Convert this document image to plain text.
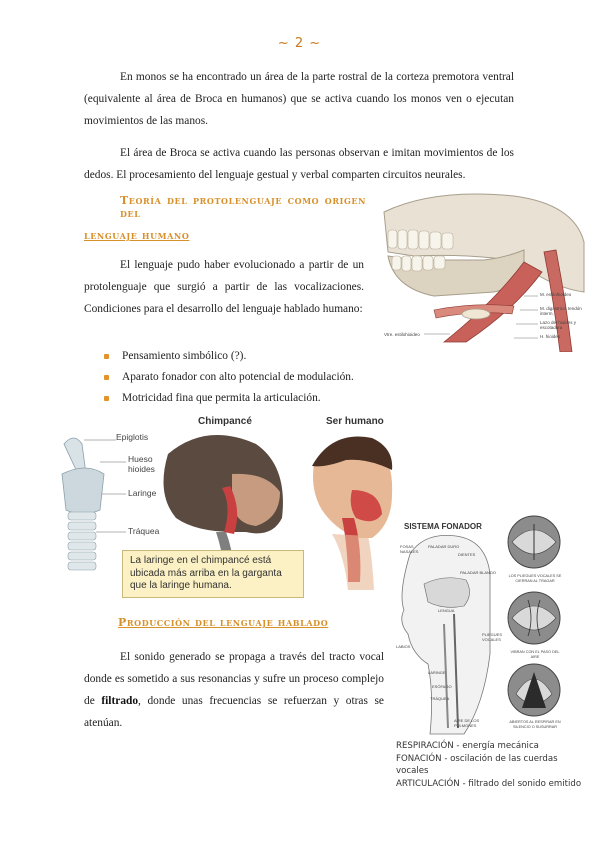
~ 2 ~

En monos se ha encontrado un área de la parte rostral de la corteza premotora ventral (equivalente al área de Broca en humanos) que se activa cuando los monos ven o ejecutan movimientos de las manos.

El área de Broca se activa cuando las personas observan e imitan movimientos de los dedos. El procesamiento del lenguaje gestual y verbal comparten circuitos neurales.

Teoría del protolenguaje como origen del
lenguaje humano

El lenguaje pudo haber evolucionado a partir de un protolenguaje que surgió a partir de las vocalizaciones. Condiciones para el desarrollo del lenguaje hablado humano:

Pensamiento simbólico (?).
Aparato fonador con alto potencial de modulación.
Motricidad fina que permita la articulación.
M. estilohioideo
M. digástrico, tendón interm.
Lazo del hioides y escotadura
H. hioides
Vtre. estilohioideo
Chimpancé	Ser humano
Epiglotis
Hueso hioides
Laringe
Tráquea
La laringe en el chimpancé está ubicada más arriba en la garganta que la laringe humana.
Producción del lenguaje hablado

El sonido generado se propaga a través del tracto vocal donde es sometido a sus resonancias y sufre un proceso complejo de filtrado, donde unas frecuencias se refuerzan y otras se atenúan.

SISTEMA FONADOR
FOSAS NASALES
PALADAR DURO
DIENTES
PALADAR BLANDO
LENGUA
PLIEGUES VOCALES
LABIOS
LARINGE
ESÓFAGO
TRÁQUEA
AIRE DE LOS PULMONES
LOS PLIEGUES VOCALES SE CIERRAN AL TRAGAR
VIBRAN CON EL PASO DEL AIRE
ABIERTOS AL RESPIRAR EN SILENCIO O SUSURRAR
RESPIRACIÓN - energía mecánica
FONACIÓN - oscilación de las cuerdas vocales
ARTICULACIÓN - filtrado del sonido emitido
